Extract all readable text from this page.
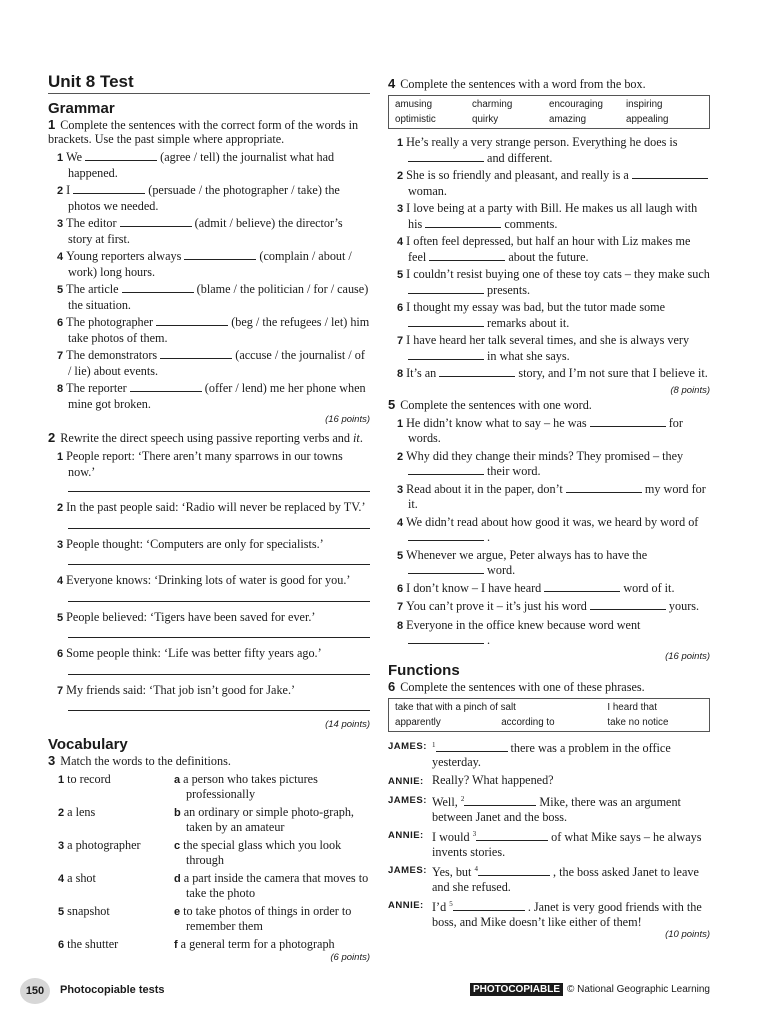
Unit 8 Test
Grammar
1 Complete the sentences with the correct form of the words in brackets. Use the past simple where appropriate.
1 We	(agree / tell) the journalist what had happened.
2 I	(persuade / the photographer / take) the photos we needed.
3 The editor	(admit / believe) the director’s story at first.
4 Young reporters always	(complain / about / work) long hours.
5 The article	(blame / the politician / for / cause) the situation.
6 The photographer	(beg / the refugees / let) him take photos of them.
7 The demonstrators	(accuse / the journalist / of / lie) about events.
8 The reporter	(offer / lend) me her phone when mine got broken.
(16 points)
2 Rewrite the direct speech using passive reporting verbs and it.
1 People report: ‘There aren’t many sparrows in our towns now.’
2 In the past people said: ‘Radio will never be replaced by TV.’
3 People thought: ‘Computers are only for specialists.’
4 Everyone knows: ‘Drinking lots of water is good for you.’
5 People believed: ‘Tigers have been saved for ever.’
6 Some people think: ‘Life was better fifty years ago.’
7 My friends said: ‘That job isn’t good for Jake.’
(14 points)
Vocabulary
3 Match the words to the definitions.
1 to record	a a person who takes pictures professionally
2 a lens	b an ordinary or simple photo-graph, taken by an amateur
3 a photographer	c the special glass which you look through
4 a shot	d a part inside the camera that moves to take the photo
5 snapshot	e to take photos of things in order to remember them
6 the shutter	f a general term for a photograph
(6 points)
4 Complete the sentences with a word from the box.
amusing	charming	encouraging	inspiring
optimistic	quirky	amazing	appealing
1 He’s really a very strange person. Everything he does is  and different.
2 She is so friendly and pleasant, and really is a  woman.
3 I love being at a party with Bill. He makes us all laugh with his	comments.
4 I often feel depressed, but half an hour with Liz makes me feel	about the future.
5 I couldn’t resist buying one of these toy cats – they make such  presents.
6 I thought my essay was bad, but the tutor made some  remarks about it.
7 I have heard her talk several times, and she is always very  in what she says.
8 It’s an	story, and I’m not sure that I believe it.
(8 points)
5 Complete the sentences with one word.
1 He didn’t know what to say – he was	for words.
2 Why did they change their minds? They promised – they  their word.
3 Read about it in the paper, don’t	my word for it.
4 We didn’t read about how good it was, we heard by word of  .
5 Whenever we argue, Peter always has to have the  word.
6 I don’t know – I have heard	word of it.
7 You can’t prove it – it’s just his word	yours.
8 Everyone in the office knew because word went  .
(16 points)
Functions
6 Complete the sentences with one of these phrases.
take that with a pinch of salt	I heard that
apparently	according to	take no notice
JAMES: $^1$	there was a problem in the office yesterday.
ANNIE: Really? What happened?
JAMES: Well, $^2$	Mike, there was an argument between Janet and the boss.
ANNIE: I would $^3$	of what Mike says – he always invents stories.
JAMES: Yes, but $^4$	, the boss asked Janet to leave and she refused.
ANNIE: I’d $^5$	. Janet is very good friends with the boss, and Mike doesn’t like either of them!
(10 points)
150	Photocopiable tests	PHOTOCOPIABLE © National Geographic Learning
